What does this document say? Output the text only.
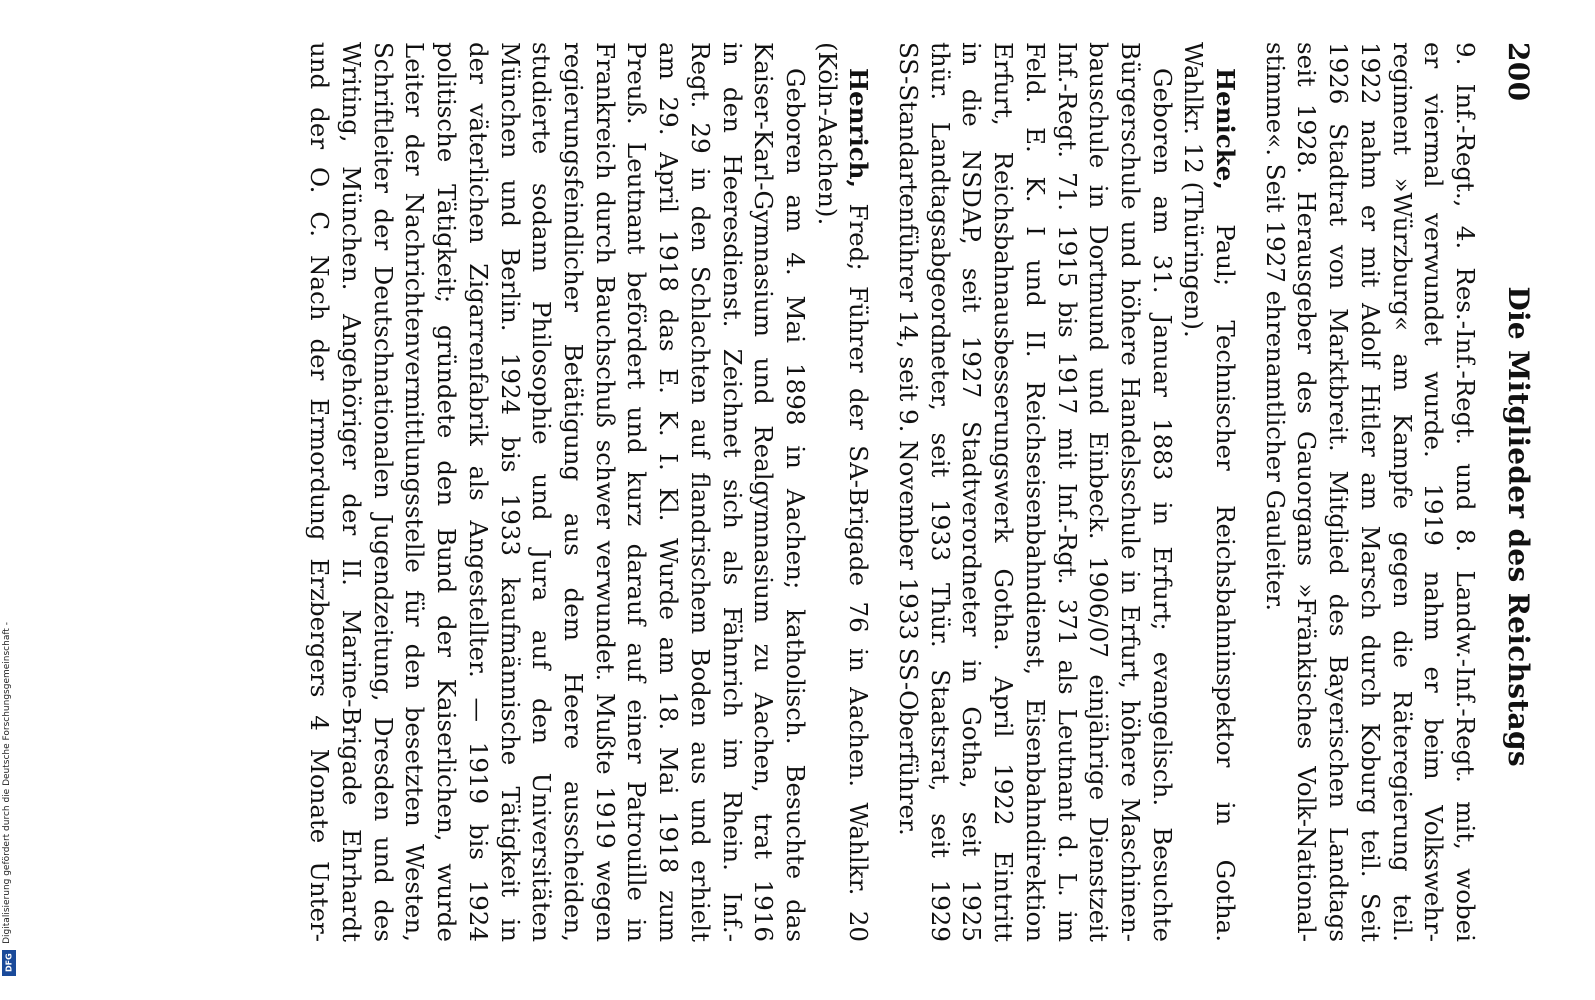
200
Die Mitglieder des Reichstags
9. Inf.-Regt., 4. Res.-Inf.-Regt. und 8. Landw.-Inf.-Regt. mit, wobei
er viermal verwundet wurde. 1919 nahm er beim Volkswehr-
regiment »Würzburg« am Kampfe gegen die Räteregierung teil.
1922 nahm er mit Adolf Hitler am Marsch durch Koburg teil. Seit
1926 Stadtrat von Marktbreit. Mitglied des Bayerischen Landtags
seit 1928. Herausgeber des Gauorgans »Fränkisches Volk-National-
stimme«. Seit 1927 ehrenamtlicher Gauleiter.
Henicke, Paul; Technischer Reichsbahninspektor in Gotha.
Wahlkr. 12 (Thüringen).
Geboren am 31. Januar 1883 in Erfurt; evangelisch. Besuchte
Bürgerschule und höhere Handelsschule in Erfurt, höhere Maschinen-
bauschule in Dortmund und Einbeck. 1906/07 einjährige Dienstzeit
Inf.-Regt. 71. 1915 bis 1917 mit Inf.-Rgt. 371 als Leutnant d. L. im
Feld. E. K. I und II. Reichseisenbahndienst, Eisenbahndirektion
Erfurt, Reichsbahnausbesserungswerk Gotha. April 1922 Eintritt
in die NSDAP, seit 1927 Stadtverordneter in Gotha, seit 1925
thür. Landtagsabgeordneter, seit 1933 Thür. Staatsrat, seit 1929
SS-Standartenführer 14, seit 9. November 1933 SS-Oberführer.
Henrich, Fred; Führer der SA-Brigade 76 in Aachen. Wahlkr. 20
(Köln-Aachen).
Geboren am 4. Mai 1898 in Aachen; katholisch. Besuchte das
Kaiser-Karl-Gymnasium und Realgymnasium zu Aachen, trat 1916
in den Heeresdienst. Zeichnet sich als Fähnrich im Rhein. Inf.-
Regt. 29 in den Schlachten auf flandrischem Boden aus und erhielt
am 29. April 1918 das E. K. I. Kl. Wurde am 18. Mai 1918 zum
Preuß. Leutnant befördert und kurz darauf auf einer Patrouille in
Frankreich durch Bauchschuß schwer verwundet. Mußte 1919 wegen
regierungsfeindlicher Betätigung aus dem Heere ausscheiden,
studierte sodann Philosophie und Jura auf den Universitäten
München und Berlin. 1924 bis 1933 kaufmännische Tätigkeit in
der väterlichen Zigarrenfabrik als Angestellter. — 1919 bis 1924
politische Tätigkeit; gründete den Bund der Kaiserlichen, wurde
Leiter der Nachrichtenvermittlungsstelle für den besetzten Westen,
Schriftleiter der Deutschnationalen Jugendzeitung, Dresden und des
Writing, München. Angehöriger der II. Marine-Brigade Ehrhardt
und der O. C. Nach der Ermordung Erzbergers 4 Monate Unter-
Digitalisierung gefördert durch die Deutsche Forschungsgemeinschaft -
DFG
